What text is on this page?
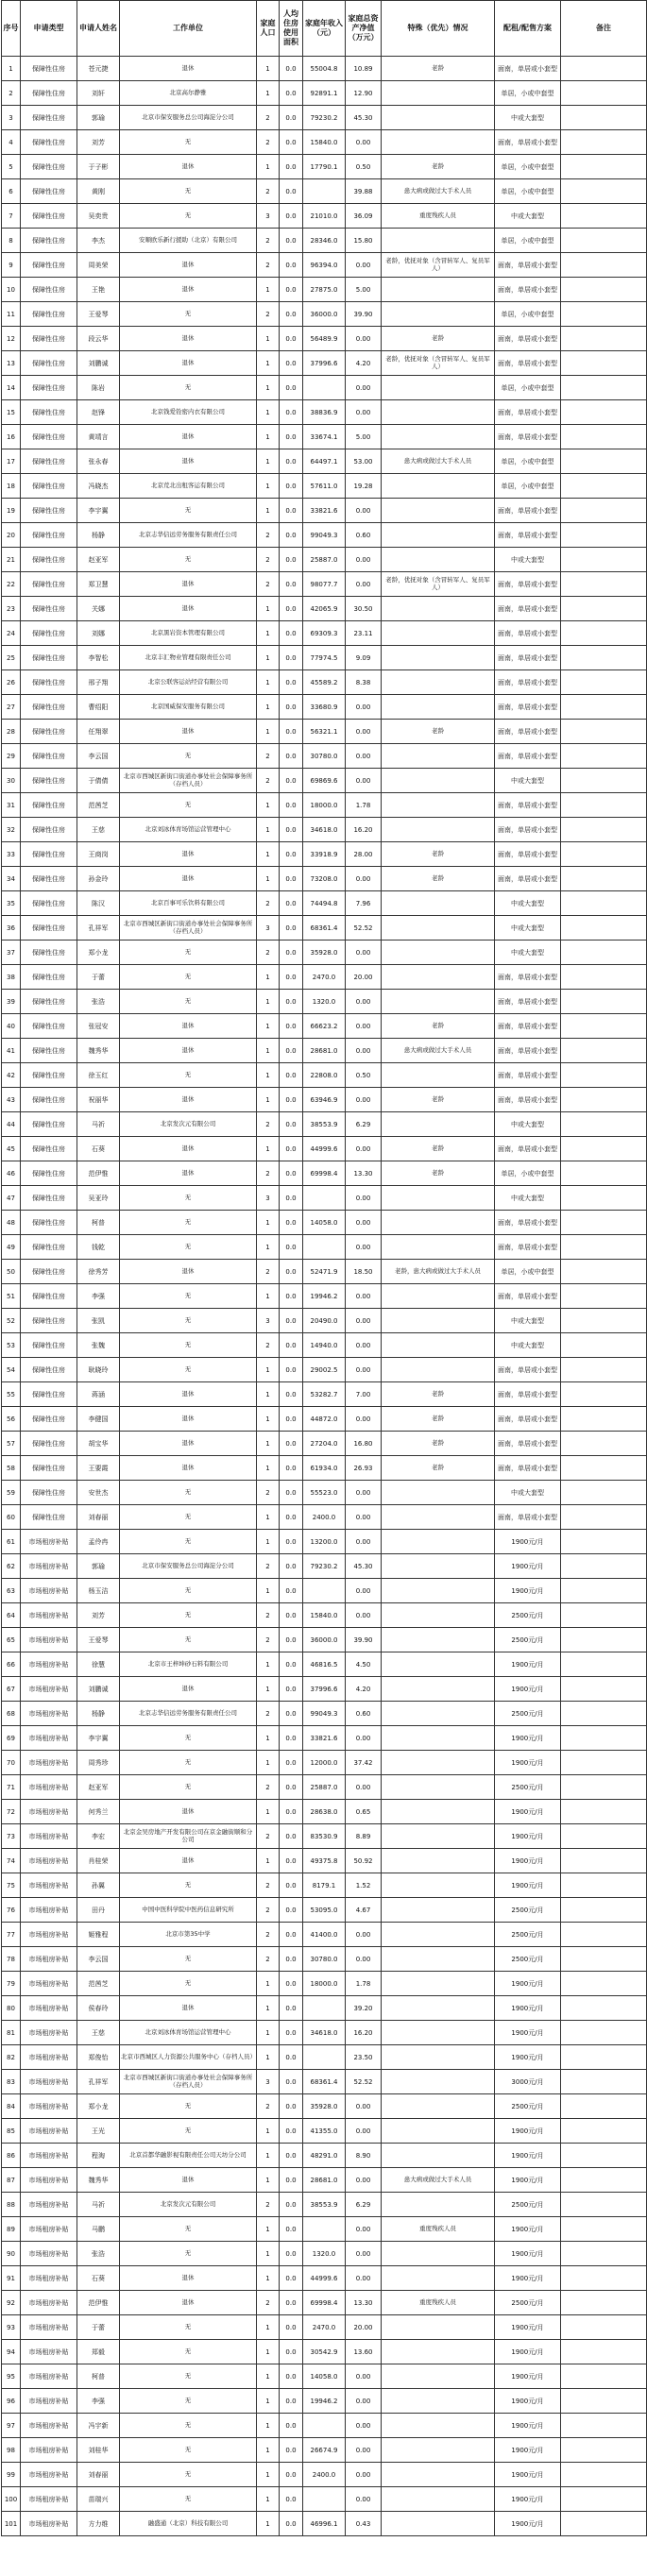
序号	申请类型	申请人姓名	工作单位	家庭人口	人均住房使用面积	家庭年收入（元）	家庭总资产净值（万元）	特殊（优先）情况	配租/配售方案	备注
1	保障性住房	苍元捷	退休	1	0.0	55004.8	10.89	老龄	面南，单居或小套型	
2	保障性住房	刘轩	北京高尔静雅	1	0.0	92891.1	12.90		单居，小或中套型	
3	保障性住房	郭瑜	北京市保安服务总公司海淀分公司	2	0.0	79230.2	45.30		中或大套型	
4	保障性住房	刘芳	无	2	0.0	15840.0	0.00		面南，单居或小套型	
5	保障性住房	于子彬	退休	1	0.0	17790.1	0.50	老龄	单居，小或中套型	
6	保障性住房	黄刚	无	2	0.0		39.88	患大病或做过大手术人员	单居，小或中套型	
7	保障性住房	吴奕贵	无	3	0.0	21010.0	36.09	重度残疾人员	中或大套型	
8	保障性住房	李杰	安顺欧乐新行援助（北京）有限公司	2	0.0	28346.0	15.80		单居，小或中套型	
9	保障性住房	周美荣	退休	2	0.0	96394.0	0.00	老龄，优抚对象（含冒转军人、复员军人）	面南，单居或小套型	
10	保障性住房	王艳	退休	1	0.0	27875.0	5.00		面南，单居或小套型	
11	保障性住房	王爱琴	无	2	0.0	36000.0	39.90		单居，小或中套型	
12	保障性住房	段云华	退休	1	0.0	56489.9	0.00	老龄	面南，单居或小套型	
13	保障性住房	刘鹏诚	退休	1	0.0	37996.6	4.20	老龄，优抚对象（含冒转军人、复员军人）	面南，单居或小套型	
14	保障性住房	陈岩	无	1	0.0		0.00		单居，小或中套型	
15	保障性住房	赵锋	北京钱爱铨密内衣有限公司	1	0.0	38836.9	0.00		面南，单居或小套型	
16	保障性住房	黄靖言	退休	1	0.0	33674.1	5.00		面南，单居或小套型	
17	保障性住房	张永春	退休	1	0.0	64497.1	53.00	患大病或做过大手术人员	单居，小或中套型	
18	保障性住房	冯晓杰	北京荒北出租客运有限公司	1	0.0	57611.0	19.28		单居，小或中套型	
19	保障性住房	李宇翼	无	1	0.0	33821.6	0.00		面南，单居或小套型	
20	保障性住房	杨静	北京志华信远劳务服务有限责任公司	2	0.0	99049.3	0.60		面南，单居或小套型	
21	保障性住房	赵亚军	无	2	0.0	25887.0	0.00		中或大套型	
22	保障性住房	郑卫慧	退休	2	0.0	98077.7	0.00	老龄，优抚对象（含冒转军人、复员军人）	面南，单居或小套型	
23	保障性住房	关娜	退休	1	0.0	42065.9	30.50		面南，单居或小套型	
24	保障性住房	刘娜	北京黑岩资本管理有限公司	1	0.0	69309.3	23.11		面南，单居或小套型	
25	保障性住房	李智松	北京丰汇物业管理有限责任公司	1	0.0	77974.5	9.09		面南，单居或小套型	
26	保障性住房	邢子翔	北京公联客运站经营有限公司	1	0.0	45589.2	8.38		面南，单居或小套型	
27	保障性住房	曹绍阳	北京国威保安服务有限公司	1	0.0	33680.9	0.00		面南，单居或小套型	
28	保障性住房	任翔翠	退休	1	0.0	56321.1	0.00	老龄	面南，单居或小套型	
29	保障性住房	李云国	无	2	0.0	30780.0	0.00		面南，单居或小套型	
30	保障性住房	于倩倩	北京市西城区新街口街道办事处社会保障事务所（存档人员）	2	0.0	69869.6	0.00		中或大套型	
31	保障性住房	范茜芝	无	1	0.0	18000.0	1.78		面南，单居或小套型	
32	保障性住房	王慈	北京刘冰体育场馆运营管理中心	1	0.0	34618.0	16.20		面南，单居或小套型	
33	保障性住房	王商岗	退休	1	0.0	33918.9	28.00	老龄	面南，单居或小套型	
34	保障性住房	孙金玲	退休	1	0.0	73208.0	0.00	老龄	面南，单居或小套型	
35	保障性住房	陈汉	北京百事可乐饮料有限公司	2	0.0	74494.8	7.96		中或大套型	
36	保障性住房	孔祥军	北京市西城区新街口街道办事处社会保障事务所（存档人员）	3	0.0	68361.4	52.52		中或大套型	
37	保障性住房	郑小龙	无	2	0.0	35928.0	0.00		中或大套型	
38	保障性住房	于蕾	无	1	0.0	2470.0	20.00		面南，单居或小套型	
39	保障性住房	张浩	无	1	0.0	1320.0	0.00		面南，单居或小套型	
40	保障性住房	张冠安	退休	1	0.0	66623.2	0.00	老龄	面南，单居或小套型	
41	保障性住房	魏秀华	退休	1	0.0	28681.0	0.00	患大病或做过大手术人员	面南，单居或小套型	
42	保障性住房	徐玉红	无	1	0.0	22808.0	0.50		面南，单居或小套型	
43	保障性住房	祝丽华	退休	1	0.0	63946.9	0.00	老龄	面南，单居或小套型	
44	保障性住房	马祈	北京发次元有限公司	2	0.0	38553.9	6.29		中或大套型	
45	保障性住房	石葵	退休	1	0.0	44999.6	0.00	老龄	面南，单居或小套型	
46	保障性住房	范伊惟	退休	2	0.0	69998.4	13.30	老龄	单居，小或中套型	
47	保障性住房	吴亚玲	无	3	0.0		0.00		中或大套型	
48	保障性住房	柯普	无	1	0.0	14058.0	0.00		面南，单居或小套型	
49	保障性住房	钱乾	无	1	0.0		0.00		面南，单居或小套型	
50	保障性住房	徐秀芳	退休	2	0.0	52471.9	18.50	老龄，患大病或做过大手术人员	单居，小或中套型	
51	保障性住房	李强	无	1	0.0	19946.2	0.00		面南，单居或小套型	
52	保障性住房	张凯	无	3	0.0	20490.0	0.00		中或大套型	
53	保障性住房	张魏	无	2	0.0	14940.0	0.00		中或大套型	
54	保障性住房	耿晓玲	无	1	0.0	29002.5	0.00		面南，单居或小套型	
55	保障性住房	蒋涵	退休	1	0.0	53282.7	7.00	老龄	面南，单居或小套型	
56	保障性住房	李健国	退休	1	0.0	44872.0	0.00	老龄	面南，单居或小套型	
57	保障性住房	胡宝华	退休	1	0.0	27204.0	16.80	老龄	面南，单居或小套型	
58	保障性住房	王要霞	退休	1	0.0	61934.0	26.93	老龄	面南，单居或小套型	
59	保障性住房	安世杰	无	2	0.0	55523.0	0.00		中或大套型	
60	保障性住房	刘春丽	无	1	0.0	2400.0	0.00		面南，单居或小套型	
61	市场租房补贴	孟伶冉	无	1	0.0	13200.0	0.00		1900元/月	
62	市场租房补贴	郭瑜	北京市保安服务总公司海淀分公司	2	0.0	79230.2	45.30		1900元/月	
63	市场租房补贴	杨玉洁	无	1	0.0		0.00		1900元/月	
64	市场租房补贴	刘芳	无	2	0.0	15840.0	0.00		2500元/月	
65	市场租房补贴	王爱琴	无	2	0.0	36000.0	39.90		2500元/月	
66	市场租房补贴	徐慧	北京市王梓坤砂石料有限公司	1	0.0	46816.5	4.50		1900元/月	
67	市场租房补贴	刘鹏诚	退休	1	0.0	37996.6	4.20		1900元/月	
68	市场租房补贴	杨静	北京志华信远劳务服务有限责任公司	2	0.0	99049.3	0.60		2500元/月	
69	市场租房补贴	李宇翼	无	1	0.0	33821.6	0.00		1900元/月	
70	市场租房补贴	周秀珍	无	1	0.0	12000.0	37.42		1900元/月	
71	市场租房补贴	赵亚军	无	2	0.0	25887.0	0.00		2500元/月	
72	市场租房补贴	何秀兰	退休	1	0.0	28638.0	0.65		1900元/月	
73	市场租房补贴	李宏	北京金吴房地产开发有限公司在京金融街顺和分公司	2	0.0	83530.9	8.89		1900元/月	
74	市场租房补贴	肖桂荣	退休	1	0.0	49375.8	50.92		1900元/月	
75	市场租房补贴	孙翼	无	2	0.0	8179.1	1.52		1900元/月	
76	市场租房补贴	田丹	中国中医科学院中医药信息研究所	2	0.0	53095.0	4.67		2500元/月	
77	市场租房补贴	姬雅程	北京市第35中学	2	0.0	41400.0	0.00		2500元/月	
78	市场租房补贴	李云国	无	2	0.0	30780.0	0.00		2500元/月	
79	市场租房补贴	范茜芝	无	1	0.0	18000.0	1.78		1900元/月	
80	市场租房补贴	侯春玲	退休	1	0.0		39.20		1900元/月	
81	市场租房补贴	王慈	北京刘冰体育场馆运营管理中心	1	0.0	34618.0	16.20		1900元/月	
82	市场租房补贴	郑俊怡	北京市西城区人力资源公共服务中心（存档人员）	1	0.0		23.50		1900元/月	
83	市场租房补贴	孔祥军	北京市西城区新街口街道办事处社会保障事务所（存档人员）	3	0.0	68361.4	52.52		3000元/月	
84	市场租房补贴	郑小龙	无	2	0.0	35928.0	0.00		2500元/月	
85	市场租房补贴	王光	无	1	0.0	41355.0	0.00		1900元/月	
86	市场租房补贴	程淘	北京首都华融影视有限责任公司天坊分公司	1	0.0	48291.0	8.90		1900元/月	
87	市场租房补贴	魏秀华	退休	1	0.0	28681.0	0.00	患大病或做过大手术人员	1900元/月	
88	市场租房补贴	马祈	北京发次元有限公司	2	0.0	38553.9	6.29		2500元/月	
89	市场租房补贴	马鹏	无	1	0.0		0.00	重度残疾人员	1900元/月	
90	市场租房补贴	张浩	无	1	0.0	1320.0	0.00		1900元/月	
91	市场租房补贴	石葵	退休	1	0.0	44999.6	0.00		1900元/月	
92	市场租房补贴	范伊惟	退休	2	0.0	69998.4	13.30	重度残疾人员	2500元/月	
93	市场租房补贴	于蕾	无	1	0.0	2470.0	20.00		1900元/月	
94	市场租房补贴	郑毅	无	1	0.0	30542.9	13.60		1900元/月	
95	市场租房补贴	柯普	无	1	0.0	14058.0	0.00		1900元/月	
96	市场租房补贴	李强	无	1	0.0	19946.2	0.00		1900元/月	
97	市场租房补贴	冯宇新	无	1	0.0		0.00		1900元/月	
98	市场租房补贴	刘桂华	无	1	0.0	26674.9	0.00		1900元/月	
99	市场租房补贴	刘春丽	无	1	0.0	2400.0	0.00		1900元/月	
100	市场租房补贴	苗瑞兴	无	1	0.0		0.00		1900元/月	
101	市场租房补贴	方力维	融盛通（北京）科技有限公司	1	0.0	46996.1	0.43		1900元/月	
